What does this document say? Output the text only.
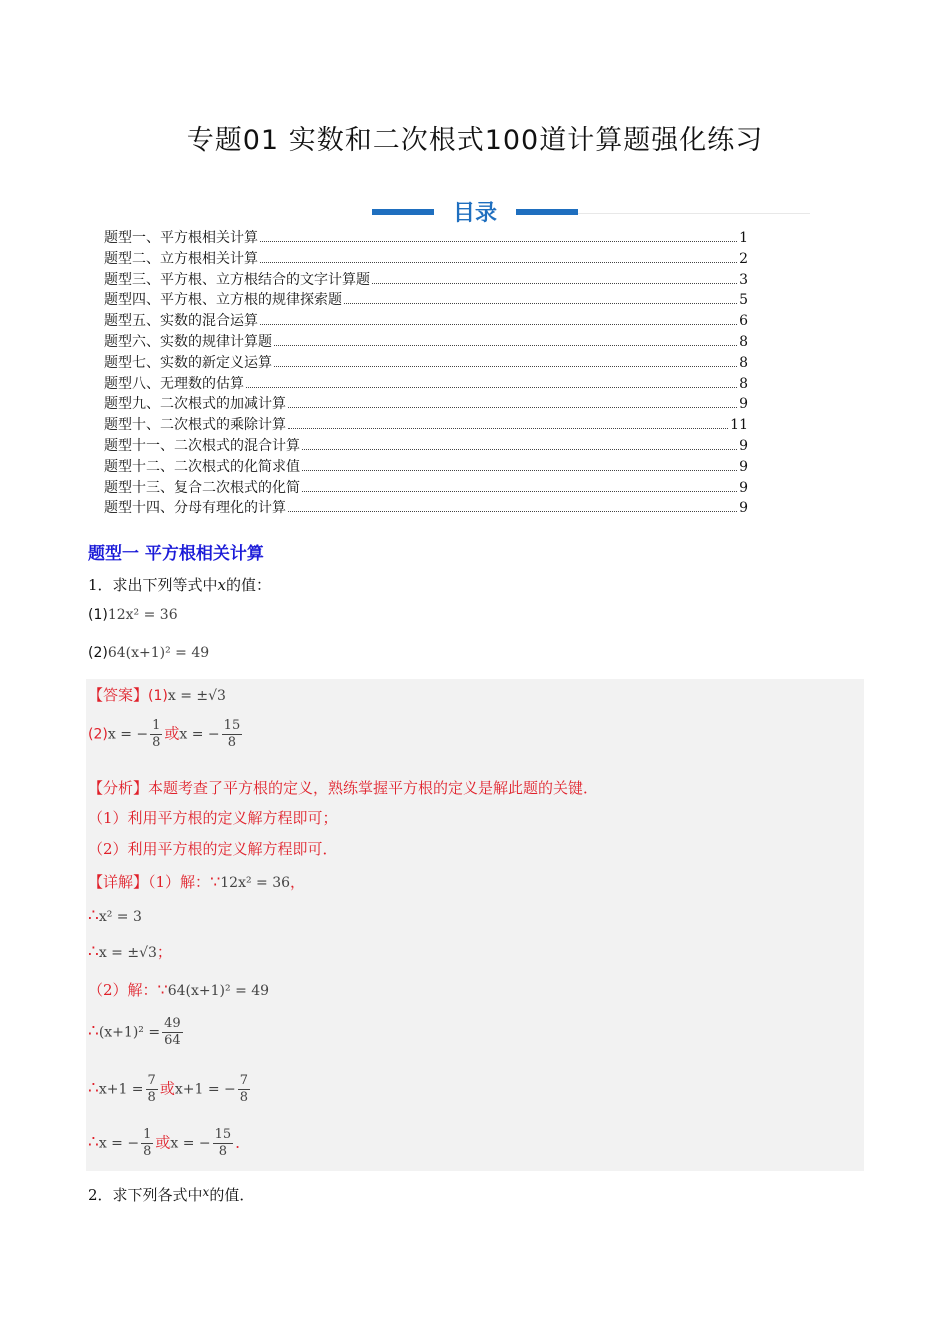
专题01 实数和二次根式100道计算题强化练习
目录
题型一、平方根相关计算	1
题型二、立方根相关计算	2
题型三、平方根、立方根结合的文字计算题	3
题型四、平方根、立方根的规律探索题	5
题型五、实数的混合运算	6
题型六、实数的规律计算题	8
题型七、实数的新定义运算	8
题型八、无理数的估算	8
题型九、二次根式的加减计算	9
题型十、二次根式的乘除计算	11
题型十一、二次根式的混合计算	9
题型十二、二次根式的化简求值	9
题型十三、复合二次根式的化简	9
题型十四、分母有理化的计算	9
题型一 平方根相关计算
1．求出下列等式中x的值：
(1)12x² = 36
(2)64(x+1)² = 49
【答案】(1)x = ±√3
(2)x = − $\frac{1}{8}$ 或x = − $\frac{15}{8}$
【分析】本题考查了平方根的定义，熟练掌握平方根的定义是解此题的关键．
（1）利用平方根的定义解方程即可；
（2）利用平方根的定义解方程即可．
【详解】（1）解：∵12x² = 36，
∴x² = 3
∴x = ±√3；
（2）解：∵64(x+1)² = 49
∴(x+1)² = $\frac{49}{64}$
∴x+1 = $\frac{7}{8}$ 或x+1 = − $\frac{7}{8}$
∴x = − $\frac{1}{8}$ 或x = − $\frac{15}{8}$ ．
2．求下列各式中$^x$的值．
